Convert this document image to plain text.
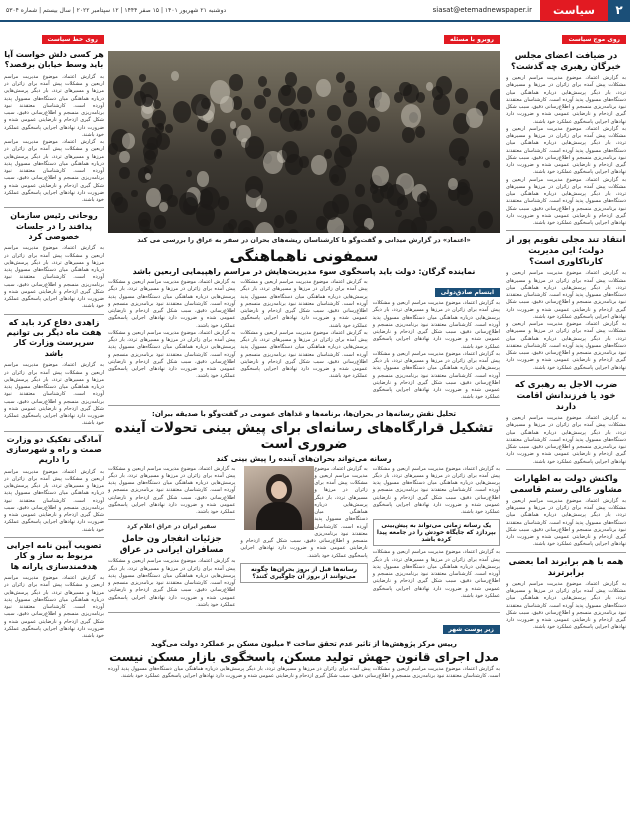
۲
سیاست
siasat@etemadnewspaper.ir
دوشنبه ۲۱ شهریور ۱۴۰۱ | ۱۵ صفر ۱۴۴۴ | ۱۲ سپتامبر ۲۰۲۲ | سال بیستم | شماره ۵۳۰۴
روی موج سیاست
در ضیافت اعضای مجلس خبرگان رهبری چه گذشت؟
به گزارش اعتماد، موضوع مدیریت مراسم اربعین و مشکلات پیش آمده برای زائران در مرزها و مسیرهای تردد، بار دیگر پرسش‌هایی درباره هماهنگی میان دستگاه‌های مسوول پدید آورده است. کارشناسان معتقدند نبود برنامه‌ریزی منسجم و اطلاع‌رسانی دقیق، سبب شکل گیری ازدحام و نارضایتی عمومی شده و ضرورت دارد نهادهای اجرایی پاسخگوی عملکرد خود باشند.
به گزارش اعتماد، موضوع مدیریت مراسم اربعین و مشکلات پیش آمده برای زائران در مرزها و مسیرهای تردد، بار دیگر پرسش‌هایی درباره هماهنگی میان دستگاه‌های مسوول پدید آورده است. کارشناسان معتقدند نبود برنامه‌ریزی منسجم و اطلاع‌رسانی دقیق، سبب شکل گیری ازدحام و نارضایتی عمومی شده و ضرورت دارد نهادهای اجرایی پاسخگوی عملکرد خود باشند.
به گزارش اعتماد، موضوع مدیریت مراسم اربعین و مشکلات پیش آمده برای زائران در مرزها و مسیرهای تردد، بار دیگر پرسش‌هایی درباره هماهنگی میان دستگاه‌های مسوول پدید آورده است. کارشناسان معتقدند نبود برنامه‌ریزی منسجم و اطلاع‌رسانی دقیق، سبب شکل گیری ازدحام و نارضایتی عمومی شده و ضرورت دارد نهادهای اجرایی پاسخگوی عملکرد خود باشند.
انتقاد تند مجلی تقویم پور از دولت؛ این مدیریت کارناکاوری است؟
به گزارش اعتماد، موضوع مدیریت مراسم اربعین و مشکلات پیش آمده برای زائران در مرزها و مسیرهای تردد، بار دیگر پرسش‌هایی درباره هماهنگی میان دستگاه‌های مسوول پدید آورده است. کارشناسان معتقدند نبود برنامه‌ریزی منسجم و اطلاع‌رسانی دقیق، سبب شکل گیری ازدحام و نارضایتی عمومی شده و ضرورت دارد نهادهای اجرایی پاسخگوی عملکرد خود باشند.
به گزارش اعتماد، موضوع مدیریت مراسم اربعین و مشکلات پیش آمده برای زائران در مرزها و مسیرهای تردد، بار دیگر پرسش‌هایی درباره هماهنگی میان دستگاه‌های مسوول پدید آورده است. کارشناسان معتقدند نبود برنامه‌ریزی منسجم و اطلاع‌رسانی دقیق، سبب شکل گیری ازدحام و نارضایتی عمومی شده و ضرورت دارد نهادهای اجرایی پاسخگوی عملکرد خود باشند.
ضرب الاجل به رهبری که خود یا فرزندانش اقامت دارند
به گزارش اعتماد، موضوع مدیریت مراسم اربعین و مشکلات پیش آمده برای زائران در مرزها و مسیرهای تردد، بار دیگر پرسش‌هایی درباره هماهنگی میان دستگاه‌های مسوول پدید آورده است. کارشناسان معتقدند نبود برنامه‌ریزی منسجم و اطلاع‌رسانی دقیق، سبب شکل گیری ازدحام و نارضایتی عمومی شده و ضرورت دارد نهادهای اجرایی پاسخگوی عملکرد خود باشند.
واکنش دولت به اظهارات مشاور عالی رستم قاسمی
به گزارش اعتماد، موضوع مدیریت مراسم اربعین و مشکلات پیش آمده برای زائران در مرزها و مسیرهای تردد، بار دیگر پرسش‌هایی درباره هماهنگی میان دستگاه‌های مسوول پدید آورده است. کارشناسان معتقدند نبود برنامه‌ریزی منسجم و اطلاع‌رسانی دقیق، سبب شکل گیری ازدحام و نارضایتی عمومی شده و ضرورت دارد نهادهای اجرایی پاسخگوی عملکرد خود باشند.
همه با هم برابرند اما بعضی برابرترند
به گزارش اعتماد، موضوع مدیریت مراسم اربعین و مشکلات پیش آمده برای زائران در مرزها و مسیرهای تردد، بار دیگر پرسش‌هایی درباره هماهنگی میان دستگاه‌های مسوول پدید آورده است. کارشناسان معتقدند نبود برنامه‌ریزی منسجم و اطلاع‌رسانی دقیق، سبب شکل گیری ازدحام و نارضایتی عمومی شده و ضرورت دارد نهادهای اجرایی پاسخگوی عملکرد خود باشند.
روبرو با مسئله
«اعتماد» در گزارش میدانی و گفت‌وگو با کارشناسان ریشه‌های بحران در سفر به عراق را بررسی می کند
سمفونی ناهماهنگی
نماینده گرگان: دولت باید پاسخگوی سوء مدیریت‌هایش در مراسم راهپیمایی اربعین باشد
ابتسام صادق‌دولی
به گزارش اعتماد، موضوع مدیریت مراسم اربعین و مشکلات پیش آمده برای زائران در مرزها و مسیرهای تردد، بار دیگر پرسش‌هایی درباره هماهنگی میان دستگاه‌های مسوول پدید آورده است. کارشناسان معتقدند نبود برنامه‌ریزی منسجم و اطلاع‌رسانی دقیق، سبب شکل گیری ازدحام و نارضایتی عمومی شده و ضرورت دارد نهادهای اجرایی پاسخگوی عملکرد خود باشند.
به گزارش اعتماد، موضوع مدیریت مراسم اربعین و مشکلات پیش آمده برای زائران در مرزها و مسیرهای تردد، بار دیگر پرسش‌هایی درباره هماهنگی میان دستگاه‌های مسوول پدید آورده است. کارشناسان معتقدند نبود برنامه‌ریزی منسجم و اطلاع‌رسانی دقیق، سبب شکل گیری ازدحام و نارضایتی عمومی شده و ضرورت دارد نهادهای اجرایی پاسخگوی عملکرد خود باشند.
به گزارش اعتماد، موضوع مدیریت مراسم اربعین و مشکلات پیش آمده برای زائران در مرزها و مسیرهای تردد، بار دیگر پرسش‌هایی درباره هماهنگی میان دستگاه‌های مسوول پدید آورده است. کارشناسان معتقدند نبود برنامه‌ریزی منسجم و اطلاع‌رسانی دقیق، سبب شکل گیری ازدحام و نارضایتی عمومی شده و ضرورت دارد نهادهای اجرایی پاسخگوی عملکرد خود باشند.
به گزارش اعتماد، موضوع مدیریت مراسم اربعین و مشکلات پیش آمده برای زائران در مرزها و مسیرهای تردد، بار دیگر پرسش‌هایی درباره هماهنگی میان دستگاه‌های مسوول پدید آورده است. کارشناسان معتقدند نبود برنامه‌ریزی منسجم و اطلاع‌رسانی دقیق، سبب شکل گیری ازدحام و نارضایتی عمومی شده و ضرورت دارد نهادهای اجرایی پاسخگوی عملکرد خود باشند.
به گزارش اعتماد، موضوع مدیریت مراسم اربعین و مشکلات پیش آمده برای زائران در مرزها و مسیرهای تردد، بار دیگر پرسش‌هایی درباره هماهنگی میان دستگاه‌های مسوول پدید آورده است. کارشناسان معتقدند نبود برنامه‌ریزی منسجم و اطلاع‌رسانی دقیق، سبب شکل گیری ازدحام و نارضایتی عمومی شده و ضرورت دارد نهادهای اجرایی پاسخگوی عملکرد خود باشند.
به گزارش اعتماد، موضوع مدیریت مراسم اربعین و مشکلات پیش آمده برای زائران در مرزها و مسیرهای تردد، بار دیگر پرسش‌هایی درباره هماهنگی میان دستگاه‌های مسوول پدید آورده است. کارشناسان معتقدند نبود برنامه‌ریزی منسجم و اطلاع‌رسانی دقیق، سبب شکل گیری ازدحام و نارضایتی عمومی شده و ضرورت دارد نهادهای اجرایی پاسخگوی عملکرد خود باشند.
تحلیل نقش رسانه‌ها در بحران‌ها، برنامه‌ها و غذاهای عمومی در گفت‌وگو با صدیقه ببران:
تشکیل قرارگاه‌های رسانه‌ای برای پیش بینی تحولات آینده ضروری است
رسانه می‌تواند بحران‌های آینده را پیش بینی کند
به گزارش اعتماد، موضوع مدیریت مراسم اربعین و مشکلات پیش آمده برای زائران در مرزها و مسیرهای تردد، بار دیگر پرسش‌هایی درباره هماهنگی میان دستگاه‌های مسوول پدید آورده است. کارشناسان معتقدند نبود برنامه‌ریزی منسجم و اطلاع‌رسانی دقیق، سبب شکل گیری ازدحام و نارضایتی عمومی شده و ضرورت دارد نهادهای اجرایی پاسخگوی عملکرد خود باشند.
یک رسانه زمانی می‌تواند به پیش‌بینی بپردازد که جایگاه خودش را در جامعه پیدا کرده باشد
به گزارش اعتماد، موضوع مدیریت مراسم اربعین و مشکلات پیش آمده برای زائران در مرزها و مسیرهای تردد، بار دیگر پرسش‌هایی درباره هماهنگی میان دستگاه‌های مسوول پدید آورده است. کارشناسان معتقدند نبود برنامه‌ریزی منسجم و اطلاع‌رسانی دقیق، سبب شکل گیری ازدحام و نارضایتی عمومی شده و ضرورت دارد نهادهای اجرایی پاسخگوی عملکرد خود باشند.
به گزارش اعتماد، موضوع مدیریت مراسم اربعین و مشکلات پیش آمده برای زائران در مرزها و مسیرهای تردد، بار دیگر پرسش‌هایی درباره هماهنگی میان دستگاه‌های مسوول پدید آورده است. کارشناسان معتقدند نبود برنامه‌ریزی منسجم و اطلاع‌رسانی دقیق، سبب شکل گیری ازدحام و نارضایتی عمومی شده و ضرورت دارد نهادهای اجرایی پاسخگوی عملکرد خود باشند.
رسانه‌ها قبل از بروز بحران‌ها چگونه می‌توانند از بروز آن جلوگیری کنند؟
به گزارش اعتماد، موضوع مدیریت مراسم اربعین و مشکلات پیش آمده برای زائران در مرزها و مسیرهای تردد، بار دیگر پرسش‌هایی درباره هماهنگی میان دستگاه‌های مسوول پدید آورده است. کارشناسان معتقدند نبود برنامه‌ریزی منسجم و اطلاع‌رسانی دقیق، سبب شکل گیری ازدحام و نارضایتی عمومی شده و ضرورت دارد نهادهای اجرایی پاسخگوی عملکرد خود باشند.
سفیر ایران در عراق اعلام کرد
جزئیات انفجار ون حامل مسافران ایرانی در عراق
به گزارش اعتماد، موضوع مدیریت مراسم اربعین و مشکلات پیش آمده برای زائران در مرزها و مسیرهای تردد، بار دیگر پرسش‌هایی درباره هماهنگی میان دستگاه‌های مسوول پدید آورده است. کارشناسان معتقدند نبود برنامه‌ریزی منسجم و اطلاع‌رسانی دقیق، سبب شکل گیری ازدحام و نارضایتی عمومی شده و ضرورت دارد نهادهای اجرایی پاسخگوی عملکرد خود باشند.
زیر پوست شهر
رییس مرکز پژوهش‌ها از تاثیر عدم تحقق ساخت ۴ میلیون مسکن بر عملکرد دولت می‌گوید
مدل اجرای قانون جهش تولید مسکن، پاسخگوی بازار مسکن نیست
به گزارش اعتماد، موضوع مدیریت مراسم اربعین و مشکلات پیش آمده برای زائران در مرزها و مسیرهای تردد، بار دیگر پرسش‌هایی درباره هماهنگی میان دستگاه‌های مسوول پدید آورده است. کارشناسان معتقدند نبود برنامه‌ریزی منسجم و اطلاع‌رسانی دقیق، سبب شکل گیری ازدحام و نارضایتی عمومی شده و ضرورت دارد نهادهای اجرایی پاسخگوی عملکرد خود باشند.
روی خط سیاست
هر کسی دلش خواست آیا باید وسط خیابان برقصد؟
به گزارش اعتماد، موضوع مدیریت مراسم اربعین و مشکلات پیش آمده برای زائران در مرزها و مسیرهای تردد، بار دیگر پرسش‌هایی درباره هماهنگی میان دستگاه‌های مسوول پدید آورده است. کارشناسان معتقدند نبود برنامه‌ریزی منسجم و اطلاع‌رسانی دقیق، سبب شکل گیری ازدحام و نارضایتی عمومی شده و ضرورت دارد نهادهای اجرایی پاسخگوی عملکرد خود باشند.
به گزارش اعتماد، موضوع مدیریت مراسم اربعین و مشکلات پیش آمده برای زائران در مرزها و مسیرهای تردد، بار دیگر پرسش‌هایی درباره هماهنگی میان دستگاه‌های مسوول پدید آورده است. کارشناسان معتقدند نبود برنامه‌ریزی منسجم و اطلاع‌رسانی دقیق، سبب شکل گیری ازدحام و نارضایتی عمومی شده و ضرورت دارد نهادهای اجرایی پاسخگوی عملکرد خود باشند.
روحانی رئیس سازمان پدافند را در جلسات خصوصی کرد
به گزارش اعتماد، موضوع مدیریت مراسم اربعین و مشکلات پیش آمده برای زائران در مرزها و مسیرهای تردد، بار دیگر پرسش‌هایی درباره هماهنگی میان دستگاه‌های مسوول پدید آورده است. کارشناسان معتقدند نبود برنامه‌ریزی منسجم و اطلاع‌رسانی دقیق، سبب شکل گیری ازدحام و نارضایتی عمومی شده و ضرورت دارد نهادهای اجرایی پاسخگوی عملکرد خود باشند.
زاهدی دفاع کرد باید که هفت ماه دیگر بی توانیم سرپرست وزارت کار باشد
به گزارش اعتماد، موضوع مدیریت مراسم اربعین و مشکلات پیش آمده برای زائران در مرزها و مسیرهای تردد، بار دیگر پرسش‌هایی درباره هماهنگی میان دستگاه‌های مسوول پدید آورده است. کارشناسان معتقدند نبود برنامه‌ریزی منسجم و اطلاع‌رسانی دقیق، سبب شکل گیری ازدحام و نارضایتی عمومی شده و ضرورت دارد نهادهای اجرایی پاسخگوی عملکرد خود باشند.
آمادگی تفکیک دو وزارت صمت و راه و شهرسازی را داریم
به گزارش اعتماد، موضوع مدیریت مراسم اربعین و مشکلات پیش آمده برای زائران در مرزها و مسیرهای تردد، بار دیگر پرسش‌هایی درباره هماهنگی میان دستگاه‌های مسوول پدید آورده است. کارشناسان معتقدند نبود برنامه‌ریزی منسجم و اطلاع‌رسانی دقیق، سبب شکل گیری ازدحام و نارضایتی عمومی شده و ضرورت دارد نهادهای اجرایی پاسخگوی عملکرد خود باشند.
تصویب آیین نامه اجرایی مربوط به ساز و کار هدفمندسازی یارانه ها
به گزارش اعتماد، موضوع مدیریت مراسم اربعین و مشکلات پیش آمده برای زائران در مرزها و مسیرهای تردد، بار دیگر پرسش‌هایی درباره هماهنگی میان دستگاه‌های مسوول پدید آورده است. کارشناسان معتقدند نبود برنامه‌ریزی منسجم و اطلاع‌رسانی دقیق، سبب شکل گیری ازدحام و نارضایتی عمومی شده و ضرورت دارد نهادهای اجرایی پاسخگوی عملکرد خود باشند.
